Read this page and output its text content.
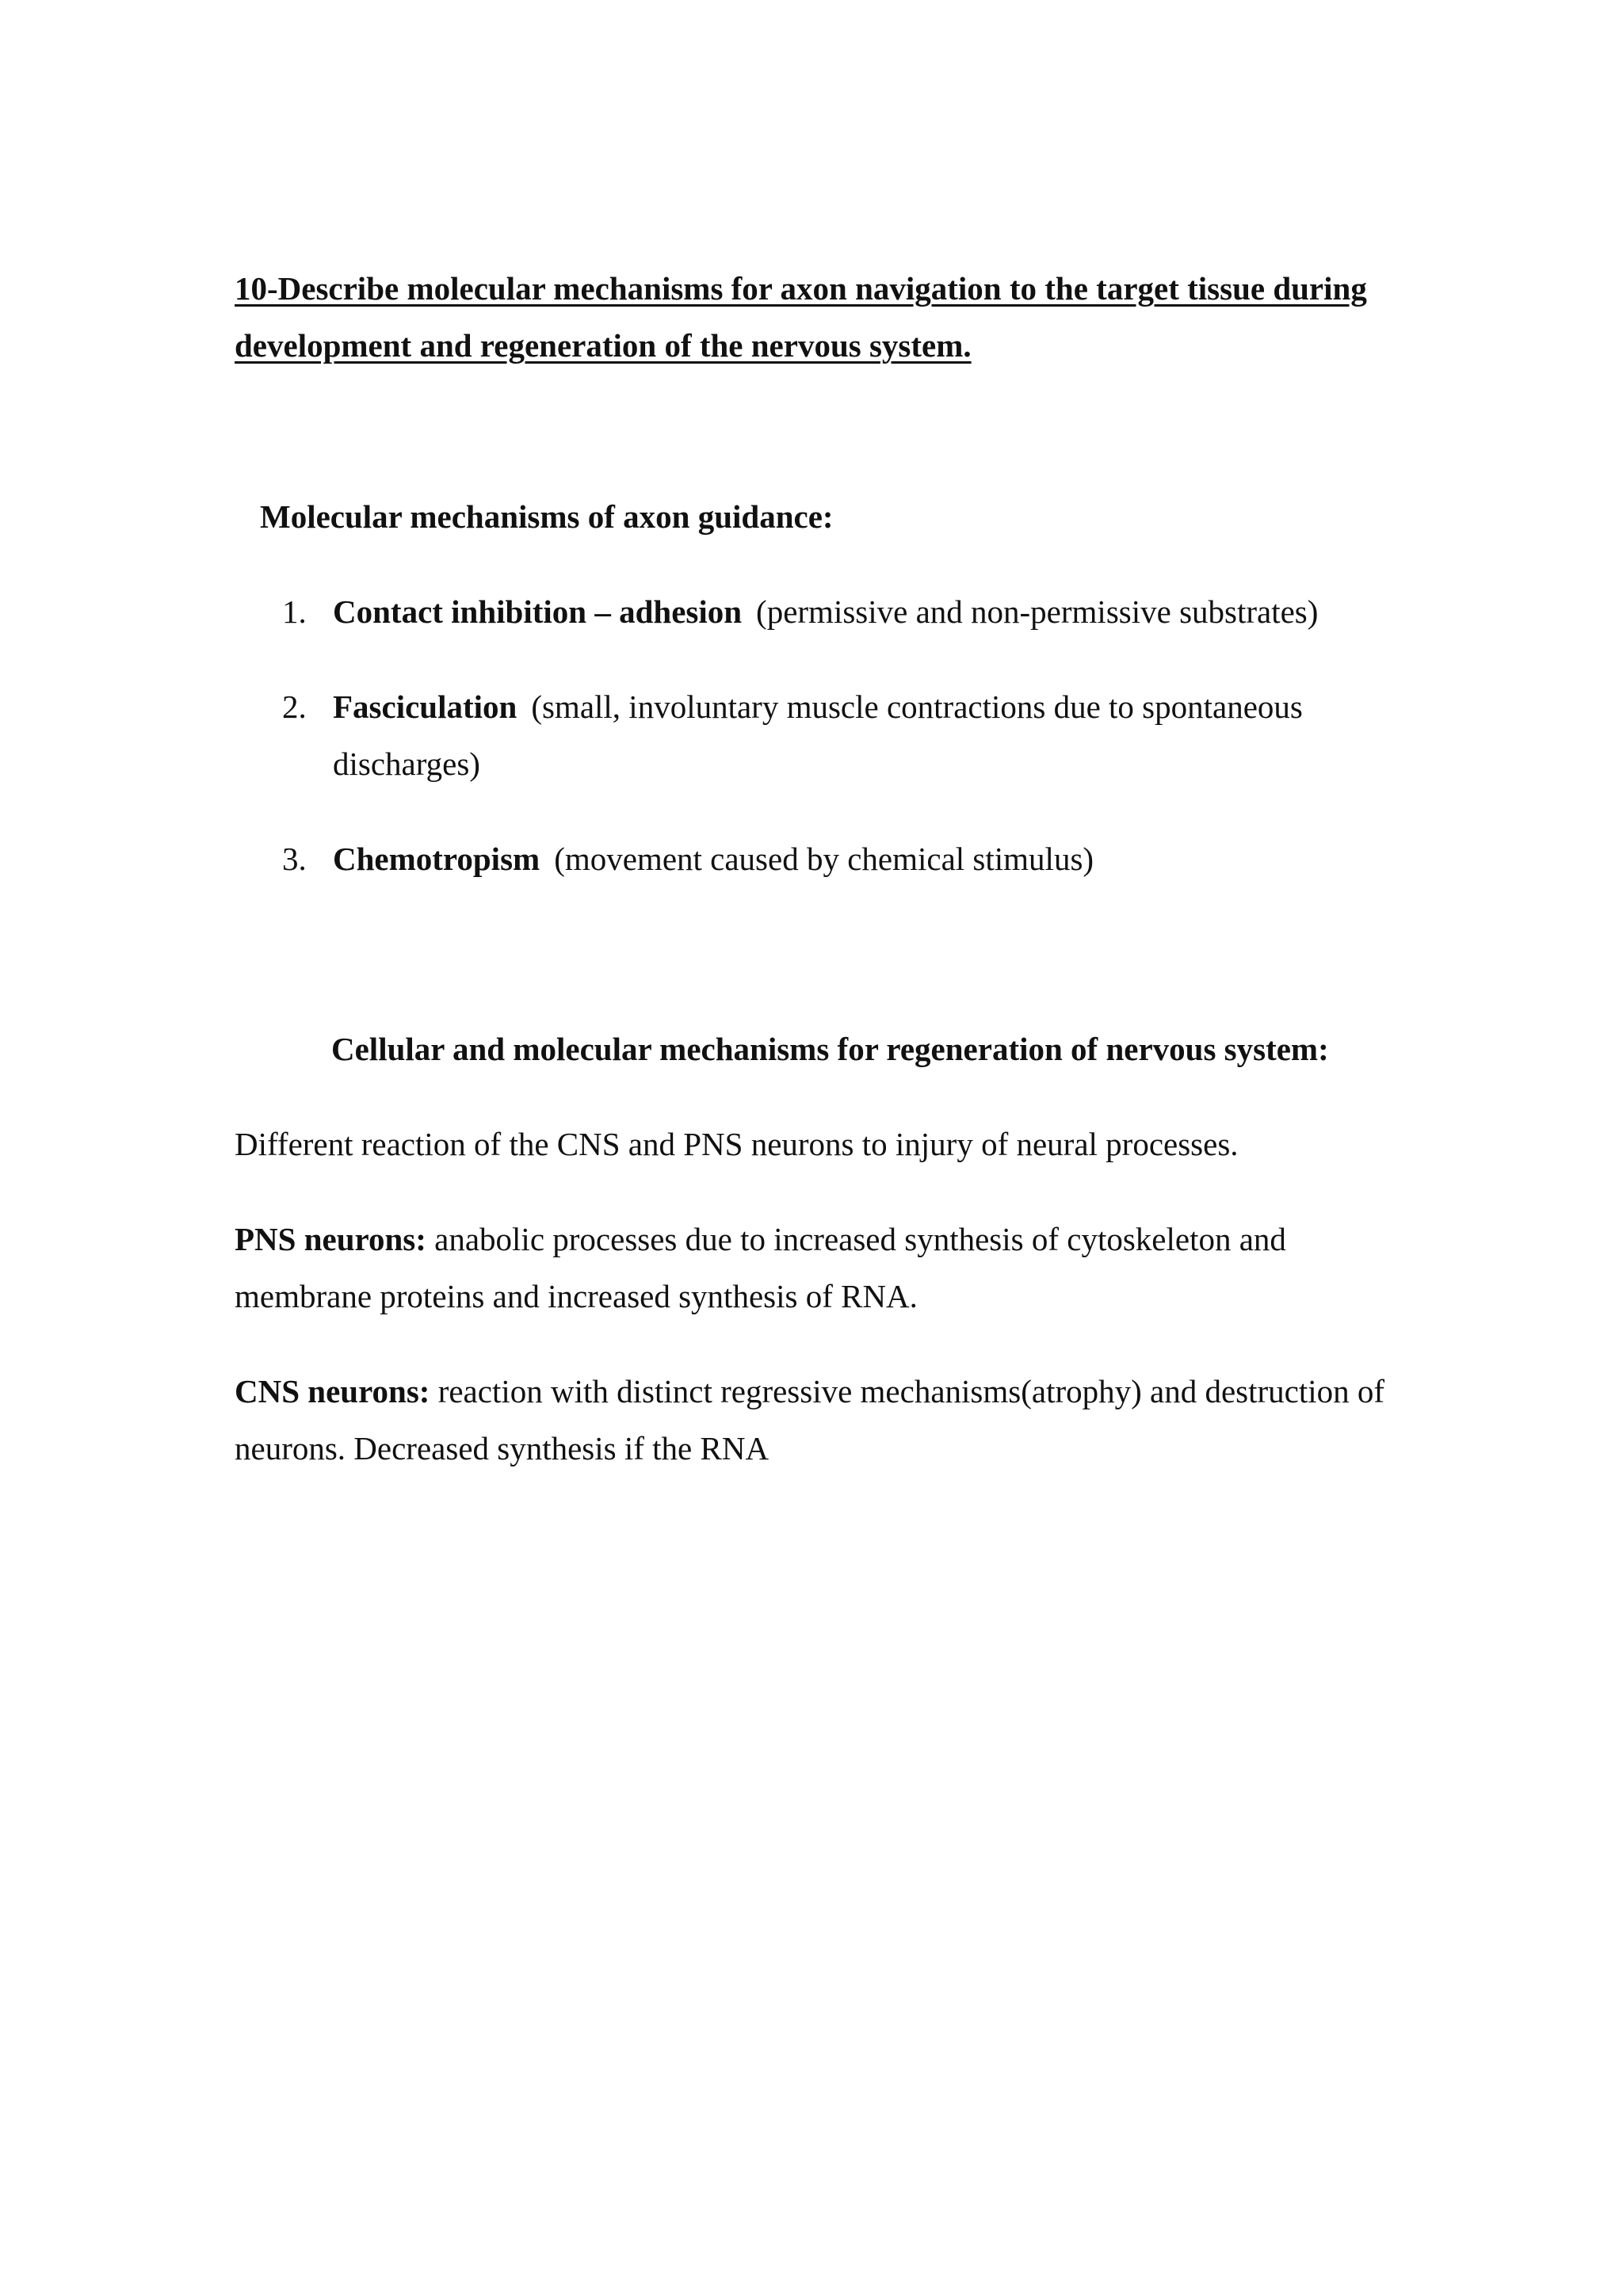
10-Describe molecular mechanisms for axon navigation to the target tissue during development and regeneration of the nervous system.
Molecular mechanisms of axon guidance:
1. Contact inhibition – adhesion (permissive and non-permissive substrates)
2. Fasciculation (small, involuntary muscle contractions due to spontaneous discharges)
3. Chemotropism (movement caused by chemical stimulus)
Cellular and molecular mechanisms for regeneration of nervous system:

Different reaction of the CNS and PNS neurons to injury of neural processes.

PNS neurons: anabolic processes due to increased synthesis of cytoskeleton and membrane proteins and increased synthesis of RNA.

CNS neurons: reaction with distinct regressive mechanisms(atrophy) and destruction of neurons. Decreased synthesis if the RNA
